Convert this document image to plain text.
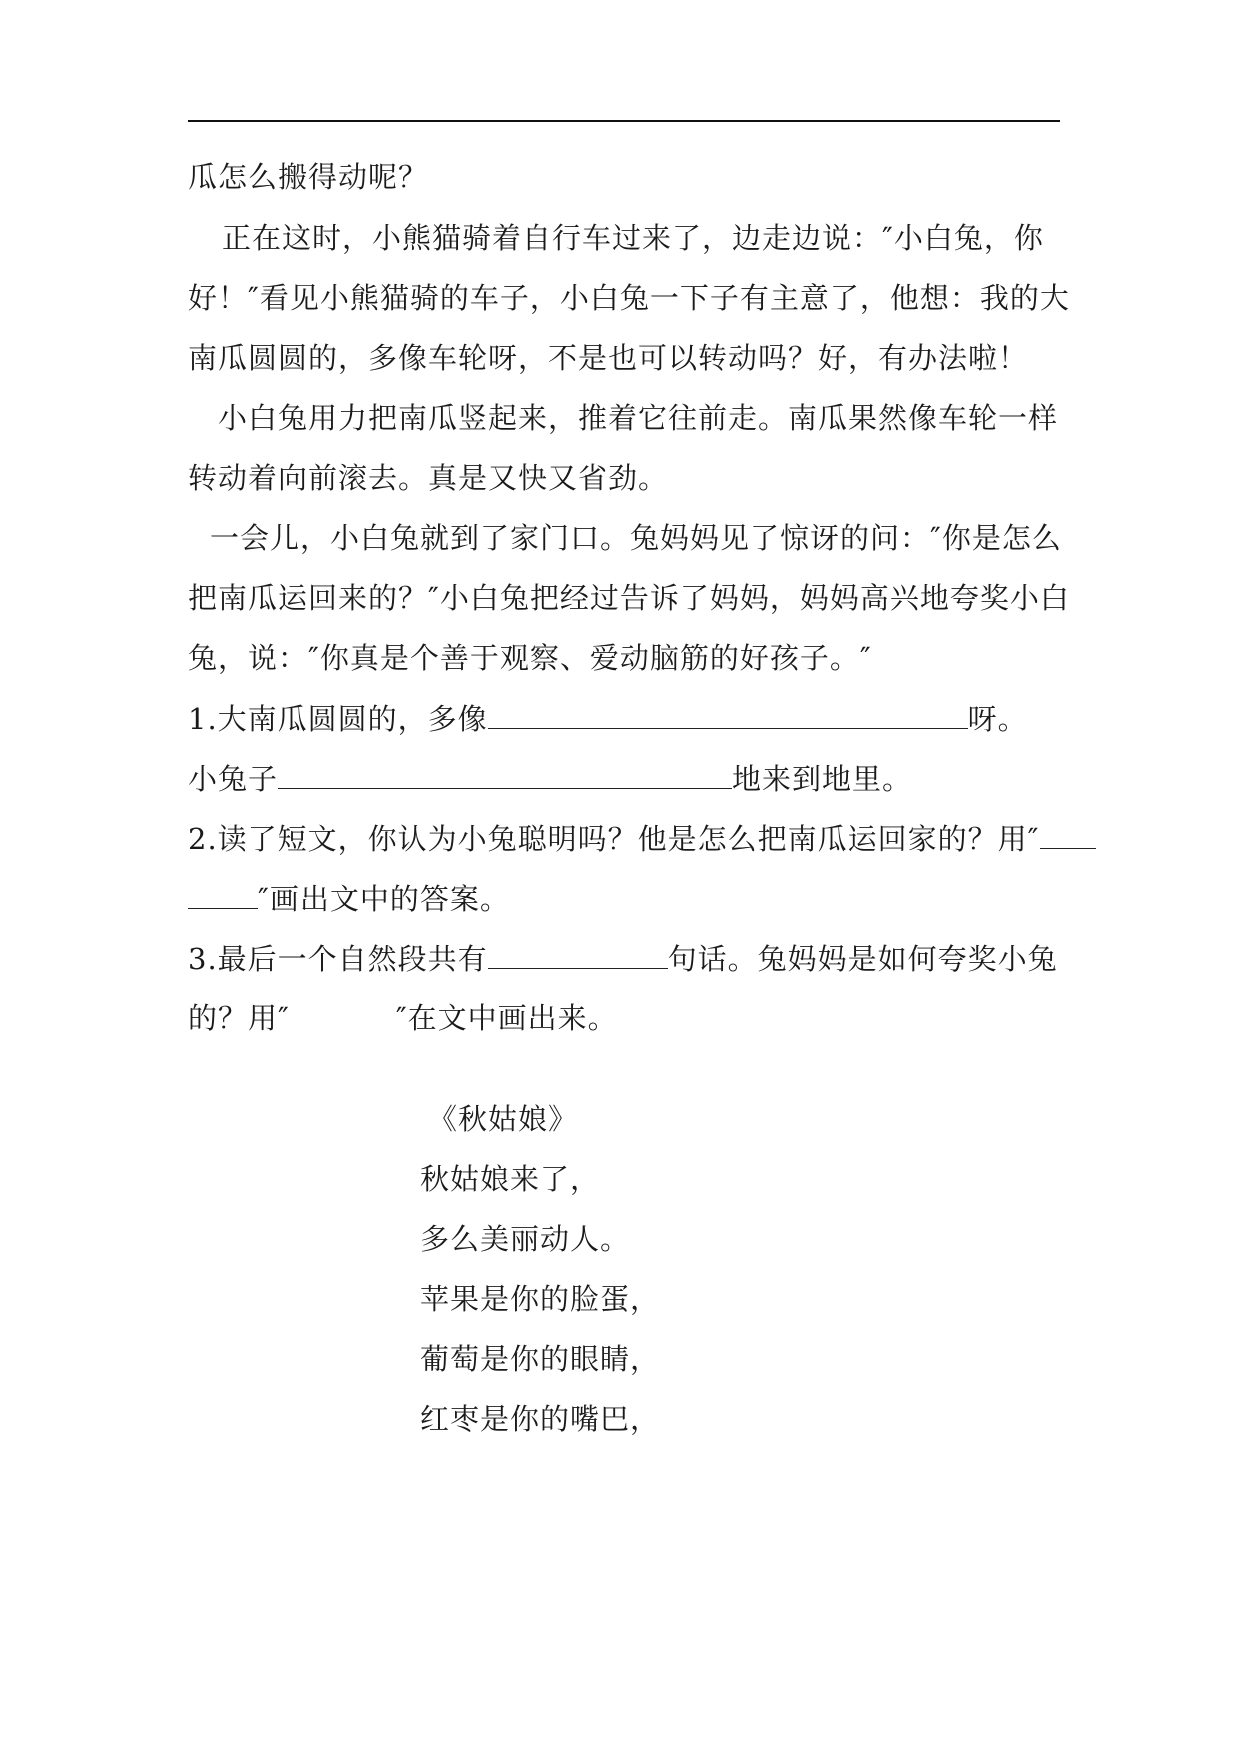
瓜怎么搬得动呢？
正在这时，小熊猫骑着自行车过来了，边走边说：″小白兔，你
好！″看见小熊猫骑的车子，小白兔一下子有主意了，他想：我的大
南瓜圆圆的，多像车轮呀，不是也可以转动吗？好，有办法啦！
小白兔用力把南瓜竖起来，推着它往前走。南瓜果然像车轮一样
转动着向前滚去。真是又快又省劲。
一会儿，小白兔就到了家门口。兔妈妈见了惊讶的问：″你是怎么
把南瓜运回来的？″小白兔把经过告诉了妈妈，妈妈高兴地夸奖小白
兔，说：″你真是个善于观察、爱动脑筋的好孩子。″
1.大南瓜圆圆的，多像	呀。
小兔子	地来到地里。
2.读了短文，你认为小兔聪明吗？他是怎么把南瓜运回家的？用″
″画出文中的答案。
3.最后一个自然段共有	句话。兔妈妈是如何夸奖小兔
的？用″	″在文中画出来。
《秋姑娘》
秋姑娘来了，
多么美丽动人。
苹果是你的脸蛋，
葡萄是你的眼睛，
红枣是你的嘴巴，
